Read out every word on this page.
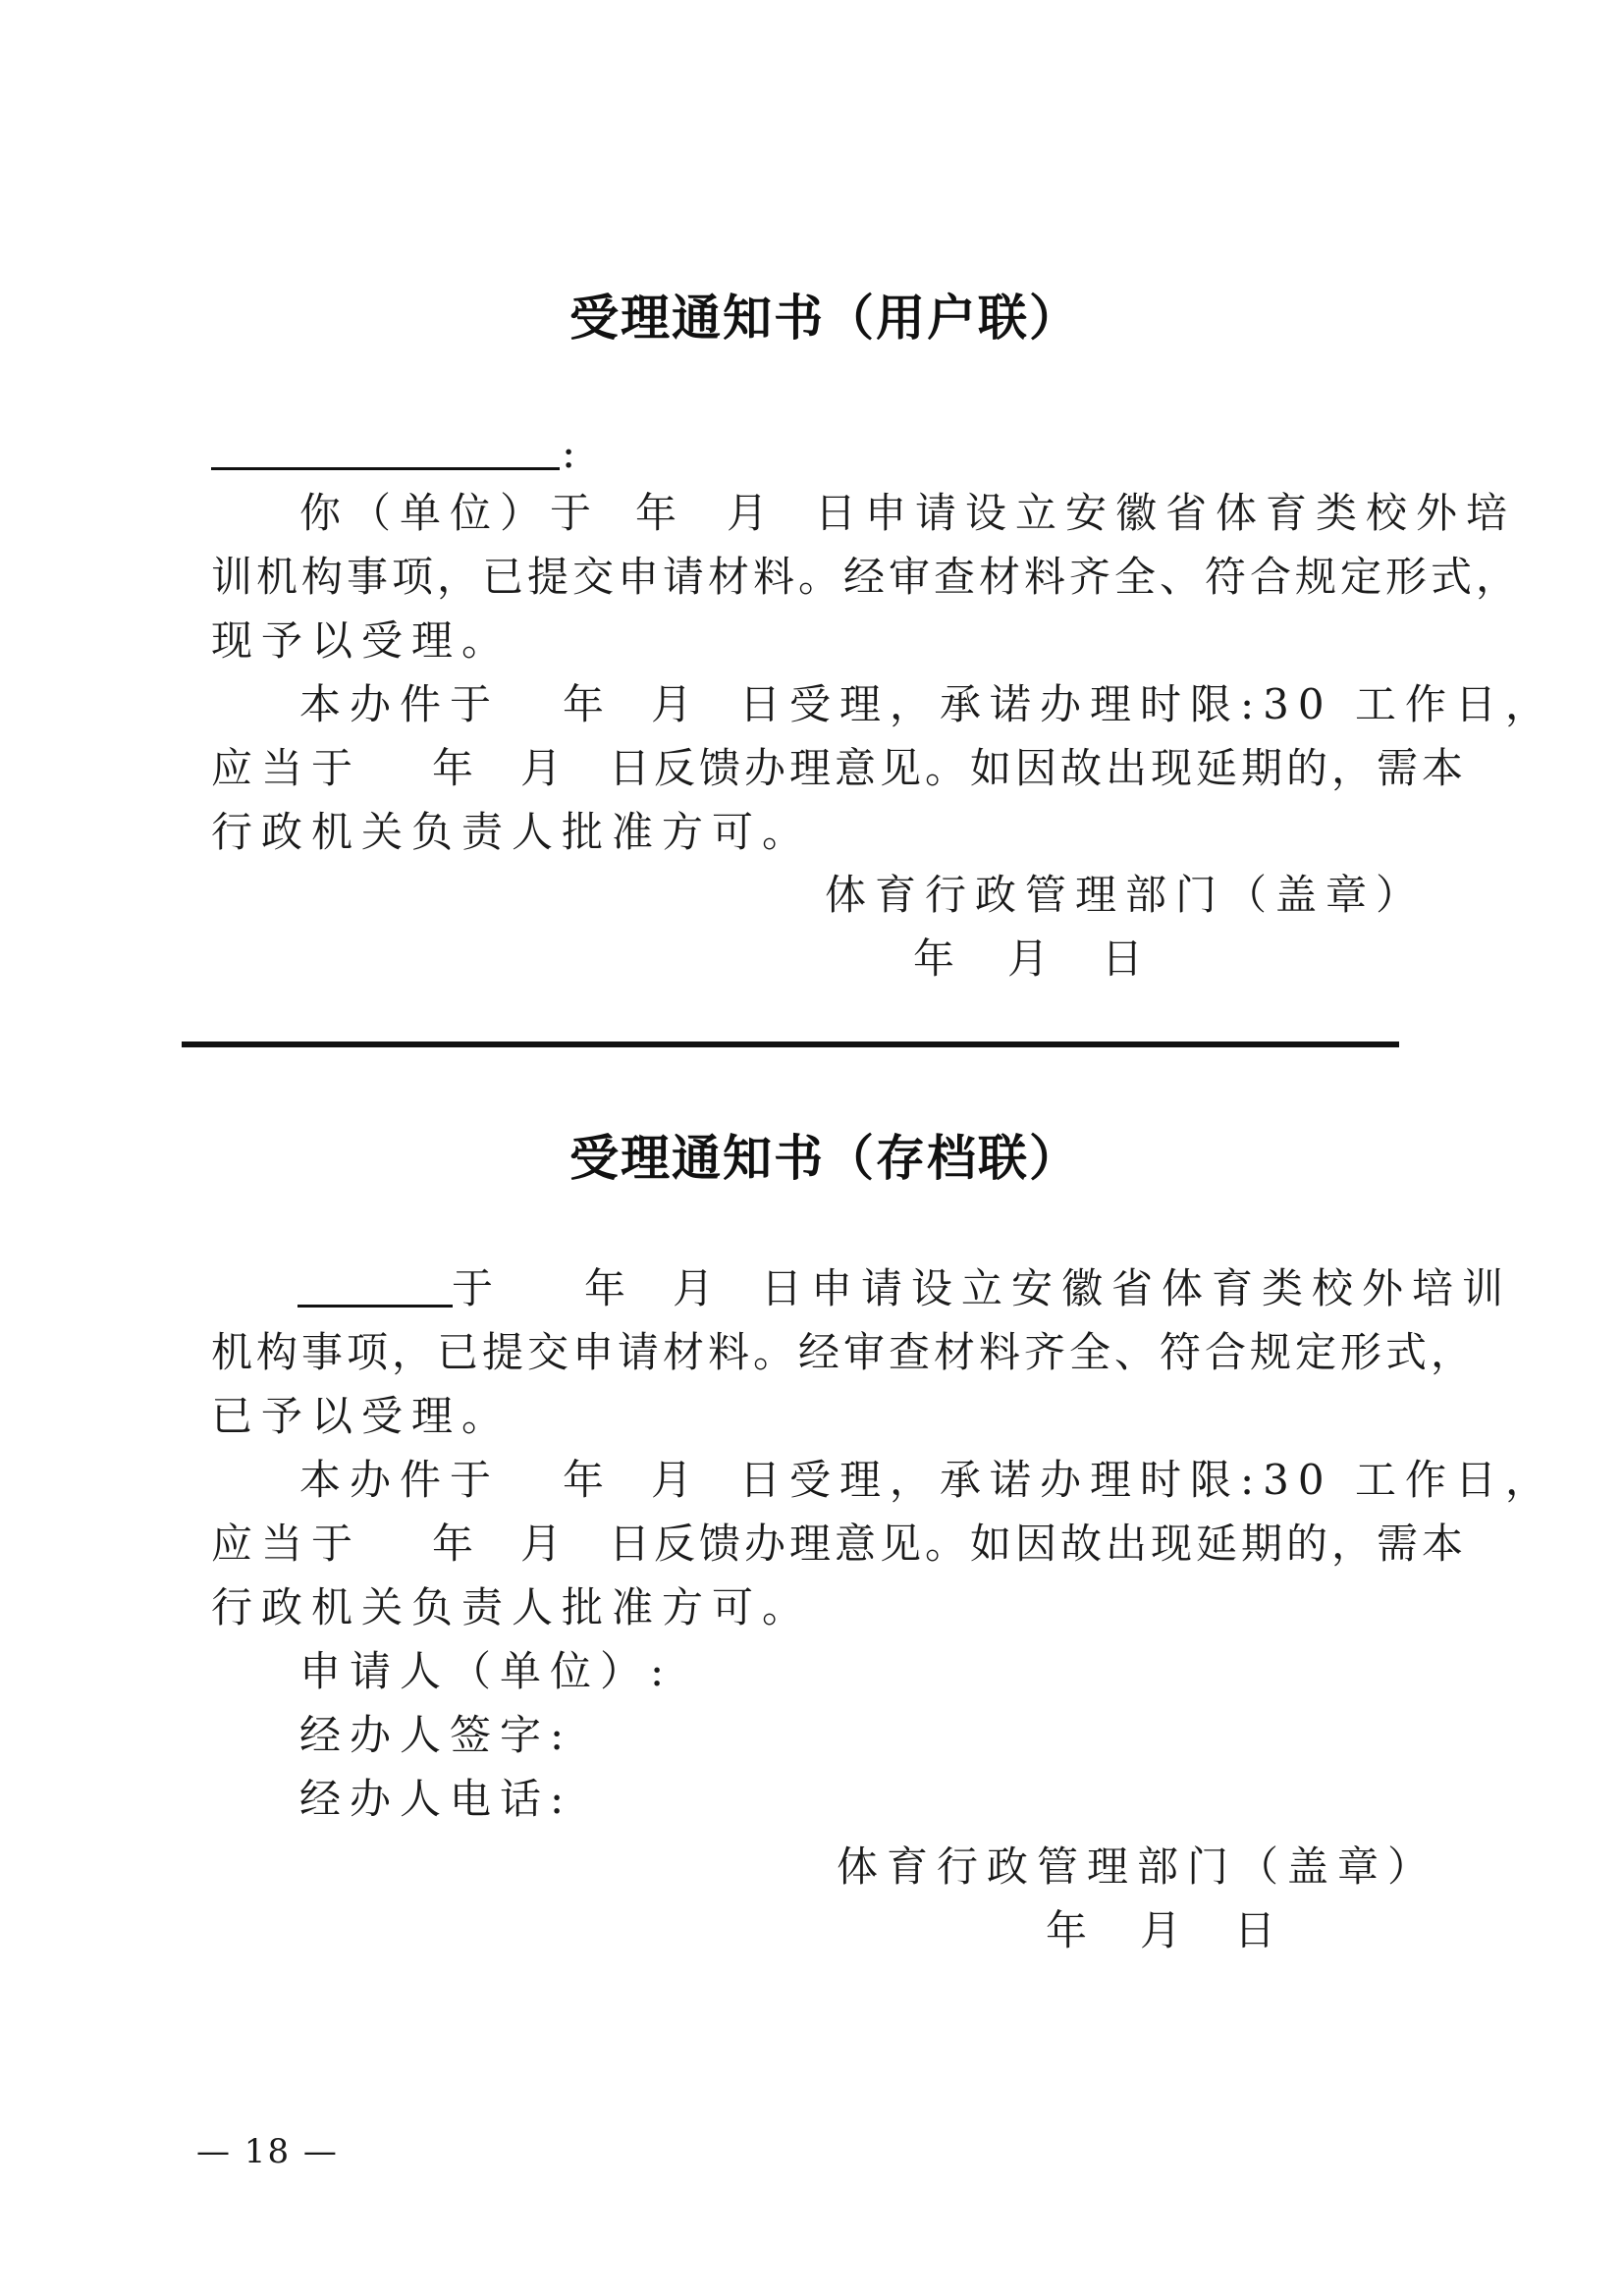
受理通知书（用户联）
:
你（单位）于 年 月 日申请设立安徽省体育类校外培
训机构事项，已提交申请材料。经审查材料齐全、符合规定形式，
现予以受理。
本办件于 年 月 日受理，承诺办理时限:30 工作日，
应当于 年 月 日反馈办理意见。如因故出现延期的，需本
行政机关负责人批准方可。
体育行政管理部门（盖章）
年 月 日
受理通知书（存档联）
于 年 月 日申请设立安徽省体育类校外培训
机构事项，已提交申请材料。经审查材料齐全、符合规定形式，
已予以受理。
本办件于 年 月 日受理，承诺办理时限:30 工作日，
应当于 年 月 日反馈办理意见。如因故出现延期的，需本
行政机关负责人批准方可。
申请人（单位）:
经办人签字:
经办人电话:
体育行政管理部门（盖章）
年 月 日
— 18 —
